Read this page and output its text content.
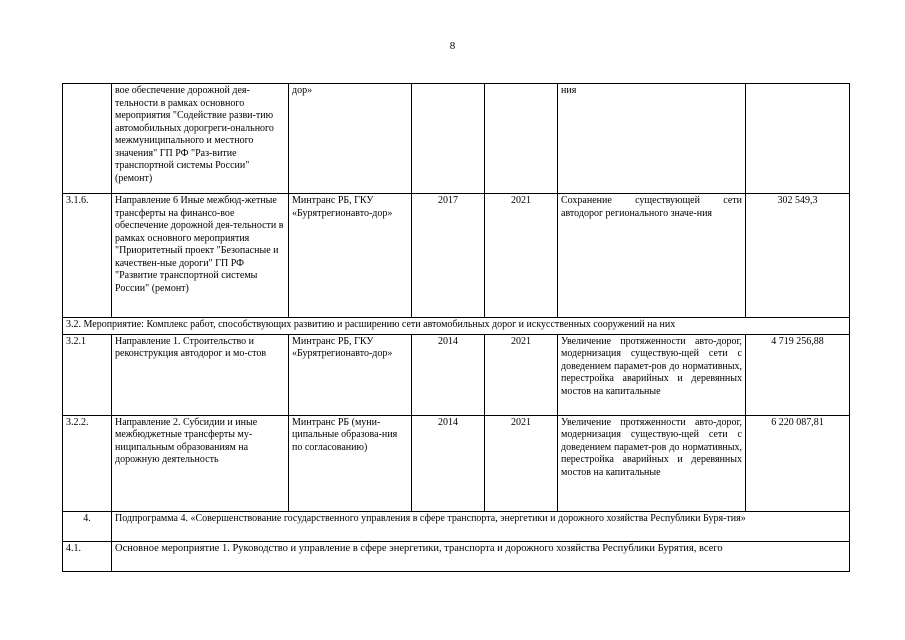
8
	вое обеспечение дорожной дея-тельности в рамках основного мероприятия "Содействие разви-тию автомобильных дорогреги-онального межмуниципального и местного значения" ГП РФ "Раз-витие транспортной системы России" (ремонт)	дор»			ния	
3.1.6.	Направление 6 Иные межбюд-жетные трансферты на финансо-вое обеспечение дорожной дея-тельности в рамках основного мероприятия "Приоритетный проект "Безопасные и качествен-ные дороги" ГП РФ "Развитие транспортной системы России" (ремонт)	Минтранс РБ, ГКУ «Бурятрегионавто-дор»	2017	2021	Сохранение существующей сети автодорог регионального значе-ния	302 549,3
3.2. Мероприятие: Комплекс работ, способствующих развитию и расширению сети автомобильных дорог и искусственных сооружений на них						
3.2.1	Направление 1. Строительство и реконструкция автодорог и мо-стов	Минтранс РБ, ГКУ «Бурятрегионавто-дор»	2014	2021	Увеличение протяженности авто-дорог, модернизация существую-щей сети с доведением парамет-ров до нормативных, перестройка аварийных и деревянных мостов на капитальные	4 719 256,88
3.2.2.	Направление 2. Субсидии и иные межбюджетные трансферты му-ниципальным образованиям на дорожную деятельность	Минтранс РБ (муни-ципальные образова-ния по согласованию)	2014	2021	Увеличение протяженности авто-дорог, модернизация существую-щей сети с доведением парамет-ров до нормативных, перестройка аварийных и деревянных мостов на капитальные	6 220 087,81
4.	Подпрограмма 4. «Совершенствование государственного управления в сфере транспорта, энергетики и дорожного хозяйства Республики Буря-тия»					
4.1.	Основное мероприятие 1. Руководство и управление в сфере энергетики, транспорта и дорожного хозяйства Республики Бурятия, всего					
